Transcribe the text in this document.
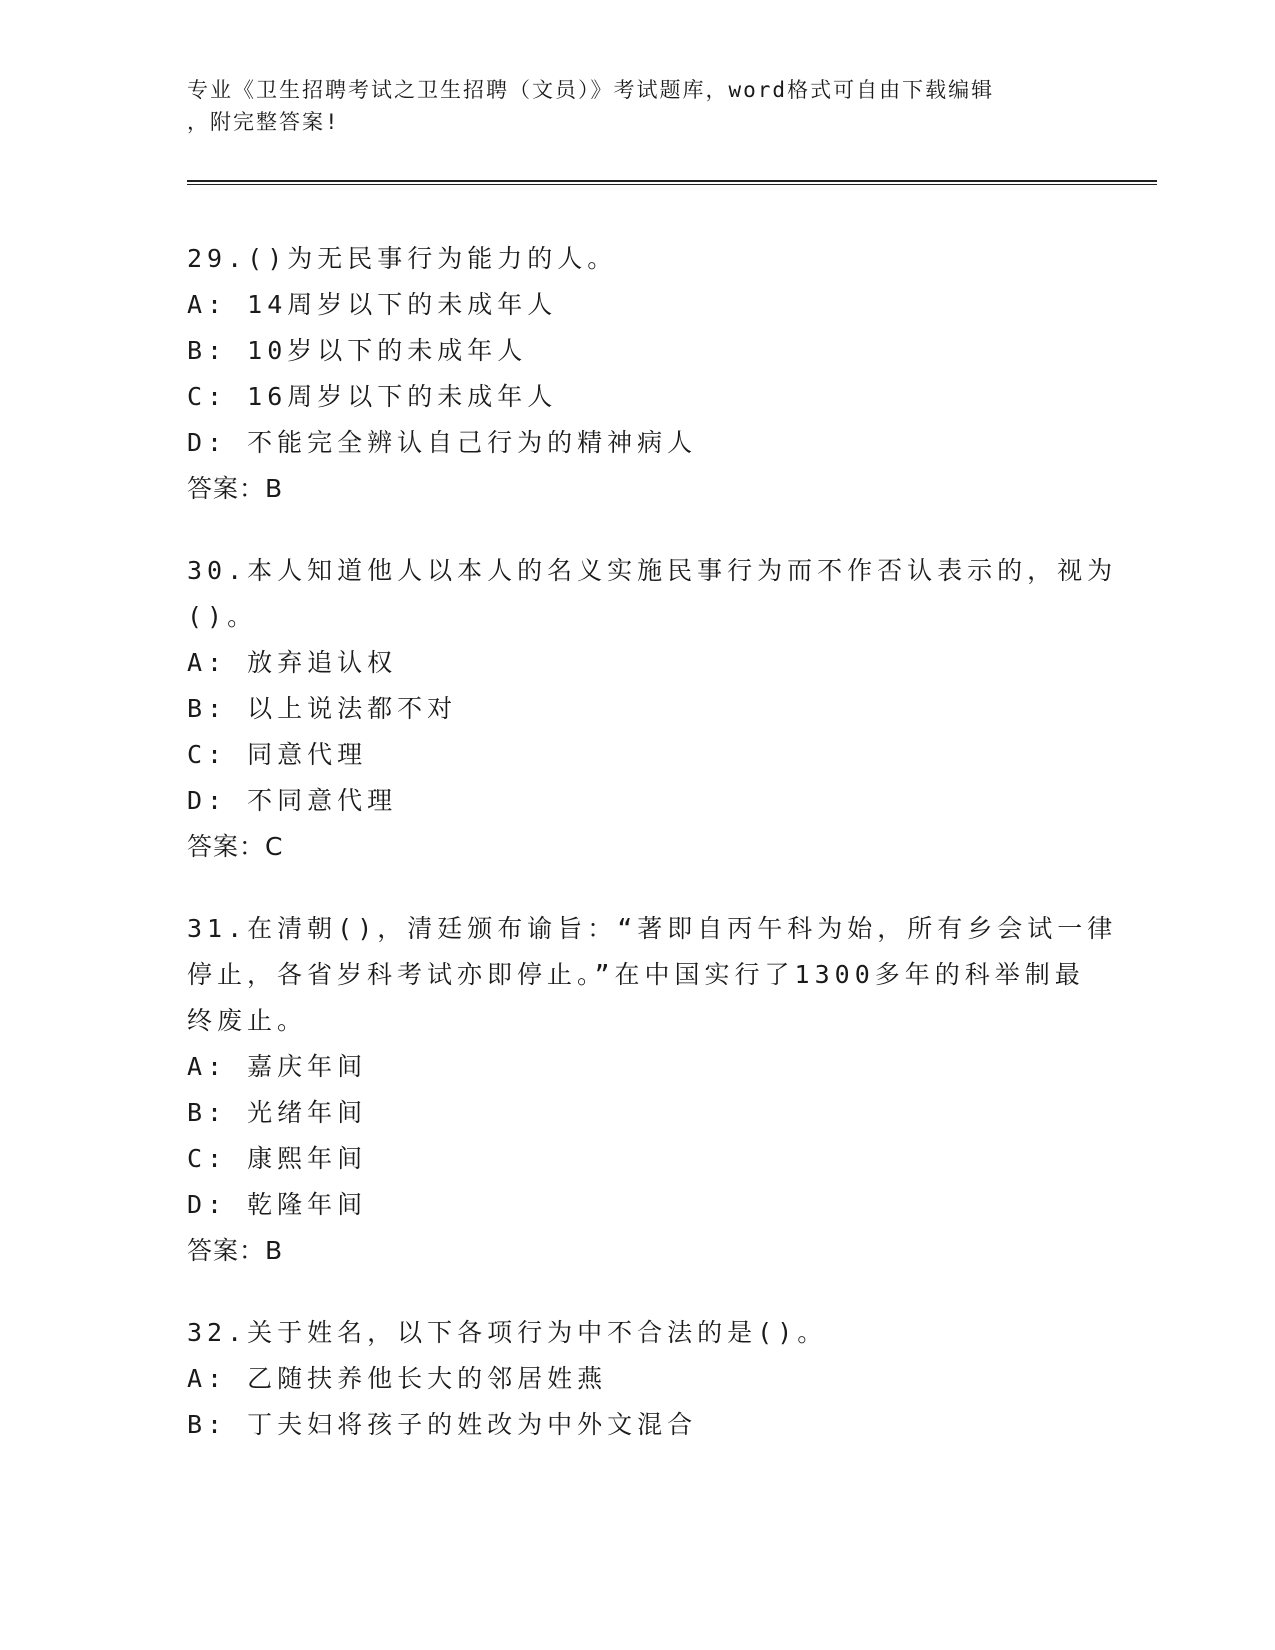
专业《卫生招聘考试之卫生招聘（文员）》考试题库，word格式可自由下载编辑
，附完整答案!
29.()为无民事行为能力的人。
A: 14周岁以下的未成年人
B: 10岁以下的未成年人
C: 16周岁以下的未成年人
D: 不能完全辨认自己行为的精神病人
答案：B
30.本人知道他人以本人的名义实施民事行为而不作否认表示的，视为
()。
A: 放弃追认权
B: 以上说法都不对
C: 同意代理
D: 不同意代理
答案：C
31.在清朝()，清廷颁布谕旨：“著即自丙午科为始，所有乡会试一律
停止，各省岁科考试亦即停止。”在中国实行了1300多年的科举制最
终废止。
A: 嘉庆年间
B: 光绪年间
C: 康熙年间
D: 乾隆年间
答案：B
32.关于姓名，以下各项行为中不合法的是()。
A: 乙随扶养他长大的邻居姓燕
B: 丁夫妇将孩子的姓改为中外文混合
